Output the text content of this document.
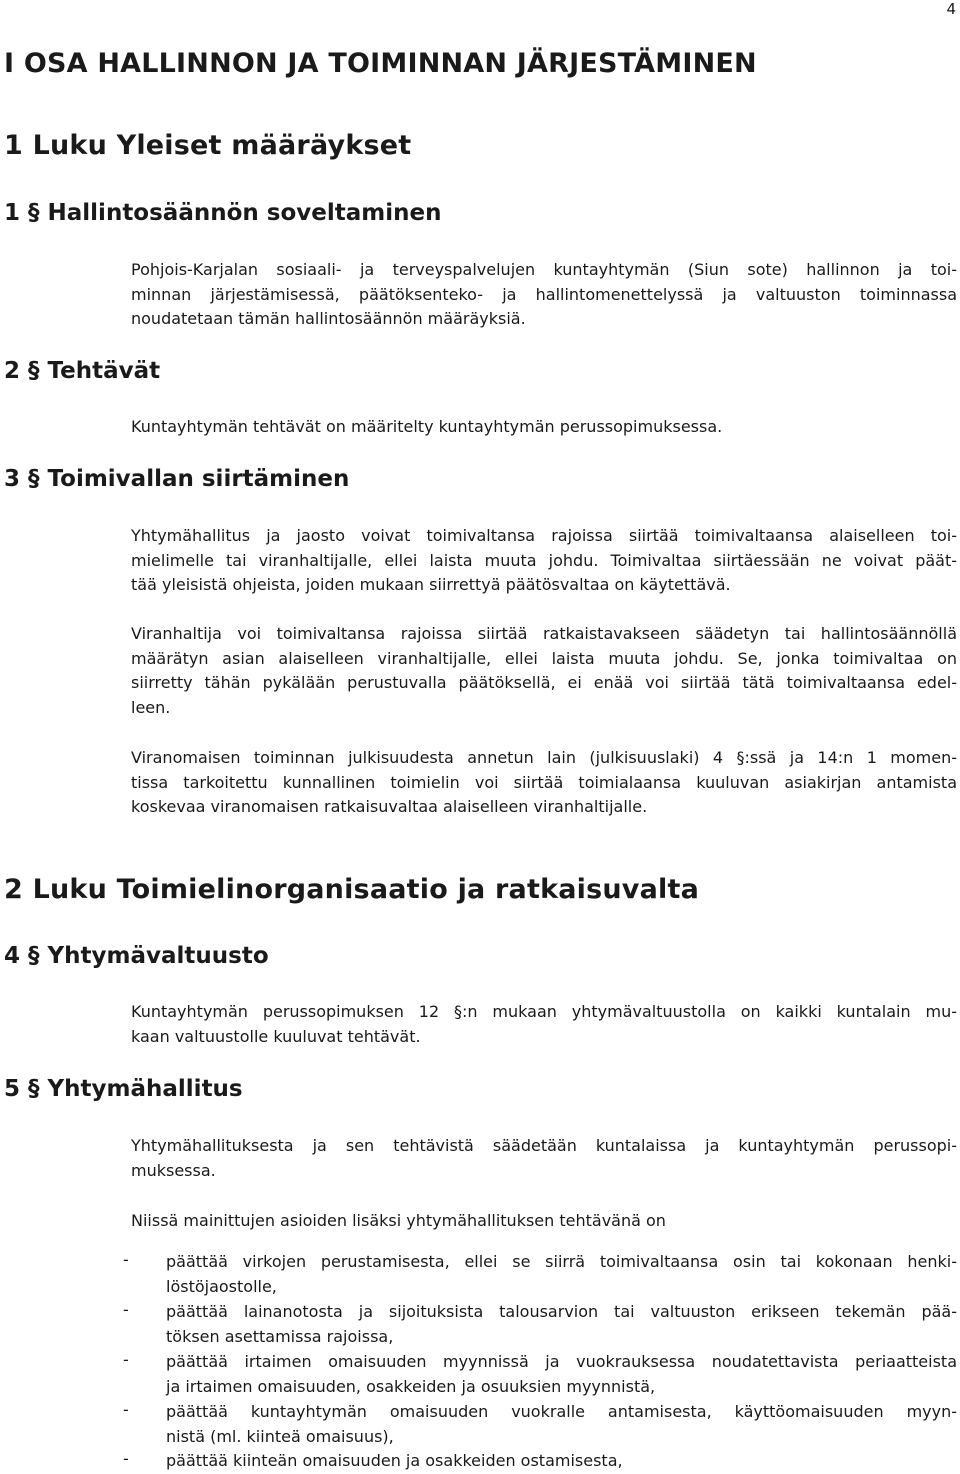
4
I OSA HALLINNON JA TOIMINNAN JÄRJESTÄMINEN
1 Luku Yleiset määräykset
1 § Hallintosäännön soveltaminen
Pohjois-Karjalan sosiaali- ja terveyspalvelujen kuntayhtymän (Siun sote) hallinnon ja toi-
minnan järjestämisessä, päätöksenteko- ja hallintomenettelyssä ja valtuuston toiminnassa
noudatetaan tämän hallintosäännön määräyksiä.
2 § Tehtävät
Kuntayhtymän tehtävät on määritelty kuntayhtymän perussopimuksessa.
3 § Toimivallan siirtäminen
Yhtymähallitus ja jaosto voivat toimivaltansa rajoissa siirtää toimivaltaansa alaiselleen toi-
mielimelle tai viranhaltijalle, ellei laista muuta johdu. Toimivaltaa siirtäessään ne voivat päät-
tää yleisistä ohjeista, joiden mukaan siirrettyä päätösvaltaa on käytettävä.
Viranhaltija voi toimivaltansa rajoissa siirtää ratkaistavakseen säädetyn tai hallintosäännöllä
määrätyn asian alaiselleen viranhaltijalle, ellei laista muuta johdu. Se, jonka toimivaltaa on
siirretty tähän pykälään perustuvalla päätöksellä, ei enää voi siirtää tätä toimivaltaansa edel-
leen.
Viranomaisen toiminnan julkisuudesta annetun lain (julkisuuslaki) 4 §:ssä ja 14:n 1 momen-
tissa tarkoitettu kunnallinen toimielin voi siirtää toimialaansa kuuluvan asiakirjan antamista
koskevaa viranomaisen ratkaisuvaltaa alaiselleen viranhaltijalle.
2 Luku Toimielinorganisaatio ja ratkaisuvalta
4 § Yhtymävaltuusto
Kuntayhtymän perussopimuksen 12 §:n mukaan yhtymävaltuustolla on kaikki kuntalain mu-
kaan valtuustolle kuuluvat tehtävät.
5 § Yhtymähallitus
Yhtymähallituksesta ja sen tehtävistä säädetään kuntalaissa ja kuntayhtymän perussopi-
muksessa.
Niissä mainittujen asioiden lisäksi yhtymähallituksen tehtävänä on
- päättää virkojen perustamisesta, ellei se siirrä toimivaltaansa osin tai kokonaan henki-
löstöjaostolle,
- päättää lainanotosta ja sijoituksista talousarvion tai valtuuston erikseen tekemän pää-
töksen asettamissa rajoissa,
- päättää irtaimen omaisuuden myynnissä ja vuokrauksessa noudatettavista periaatteista
ja irtaimen omaisuuden, osakkeiden ja osuuksien myynnistä,
- päättää kuntayhtymän omaisuuden vuokralle antamisesta, käyttöomaisuuden myyn-
nistä (ml. kiinteä omaisuus),
- päättää kiinteän omaisuuden ja osakkeiden ostamisesta,
